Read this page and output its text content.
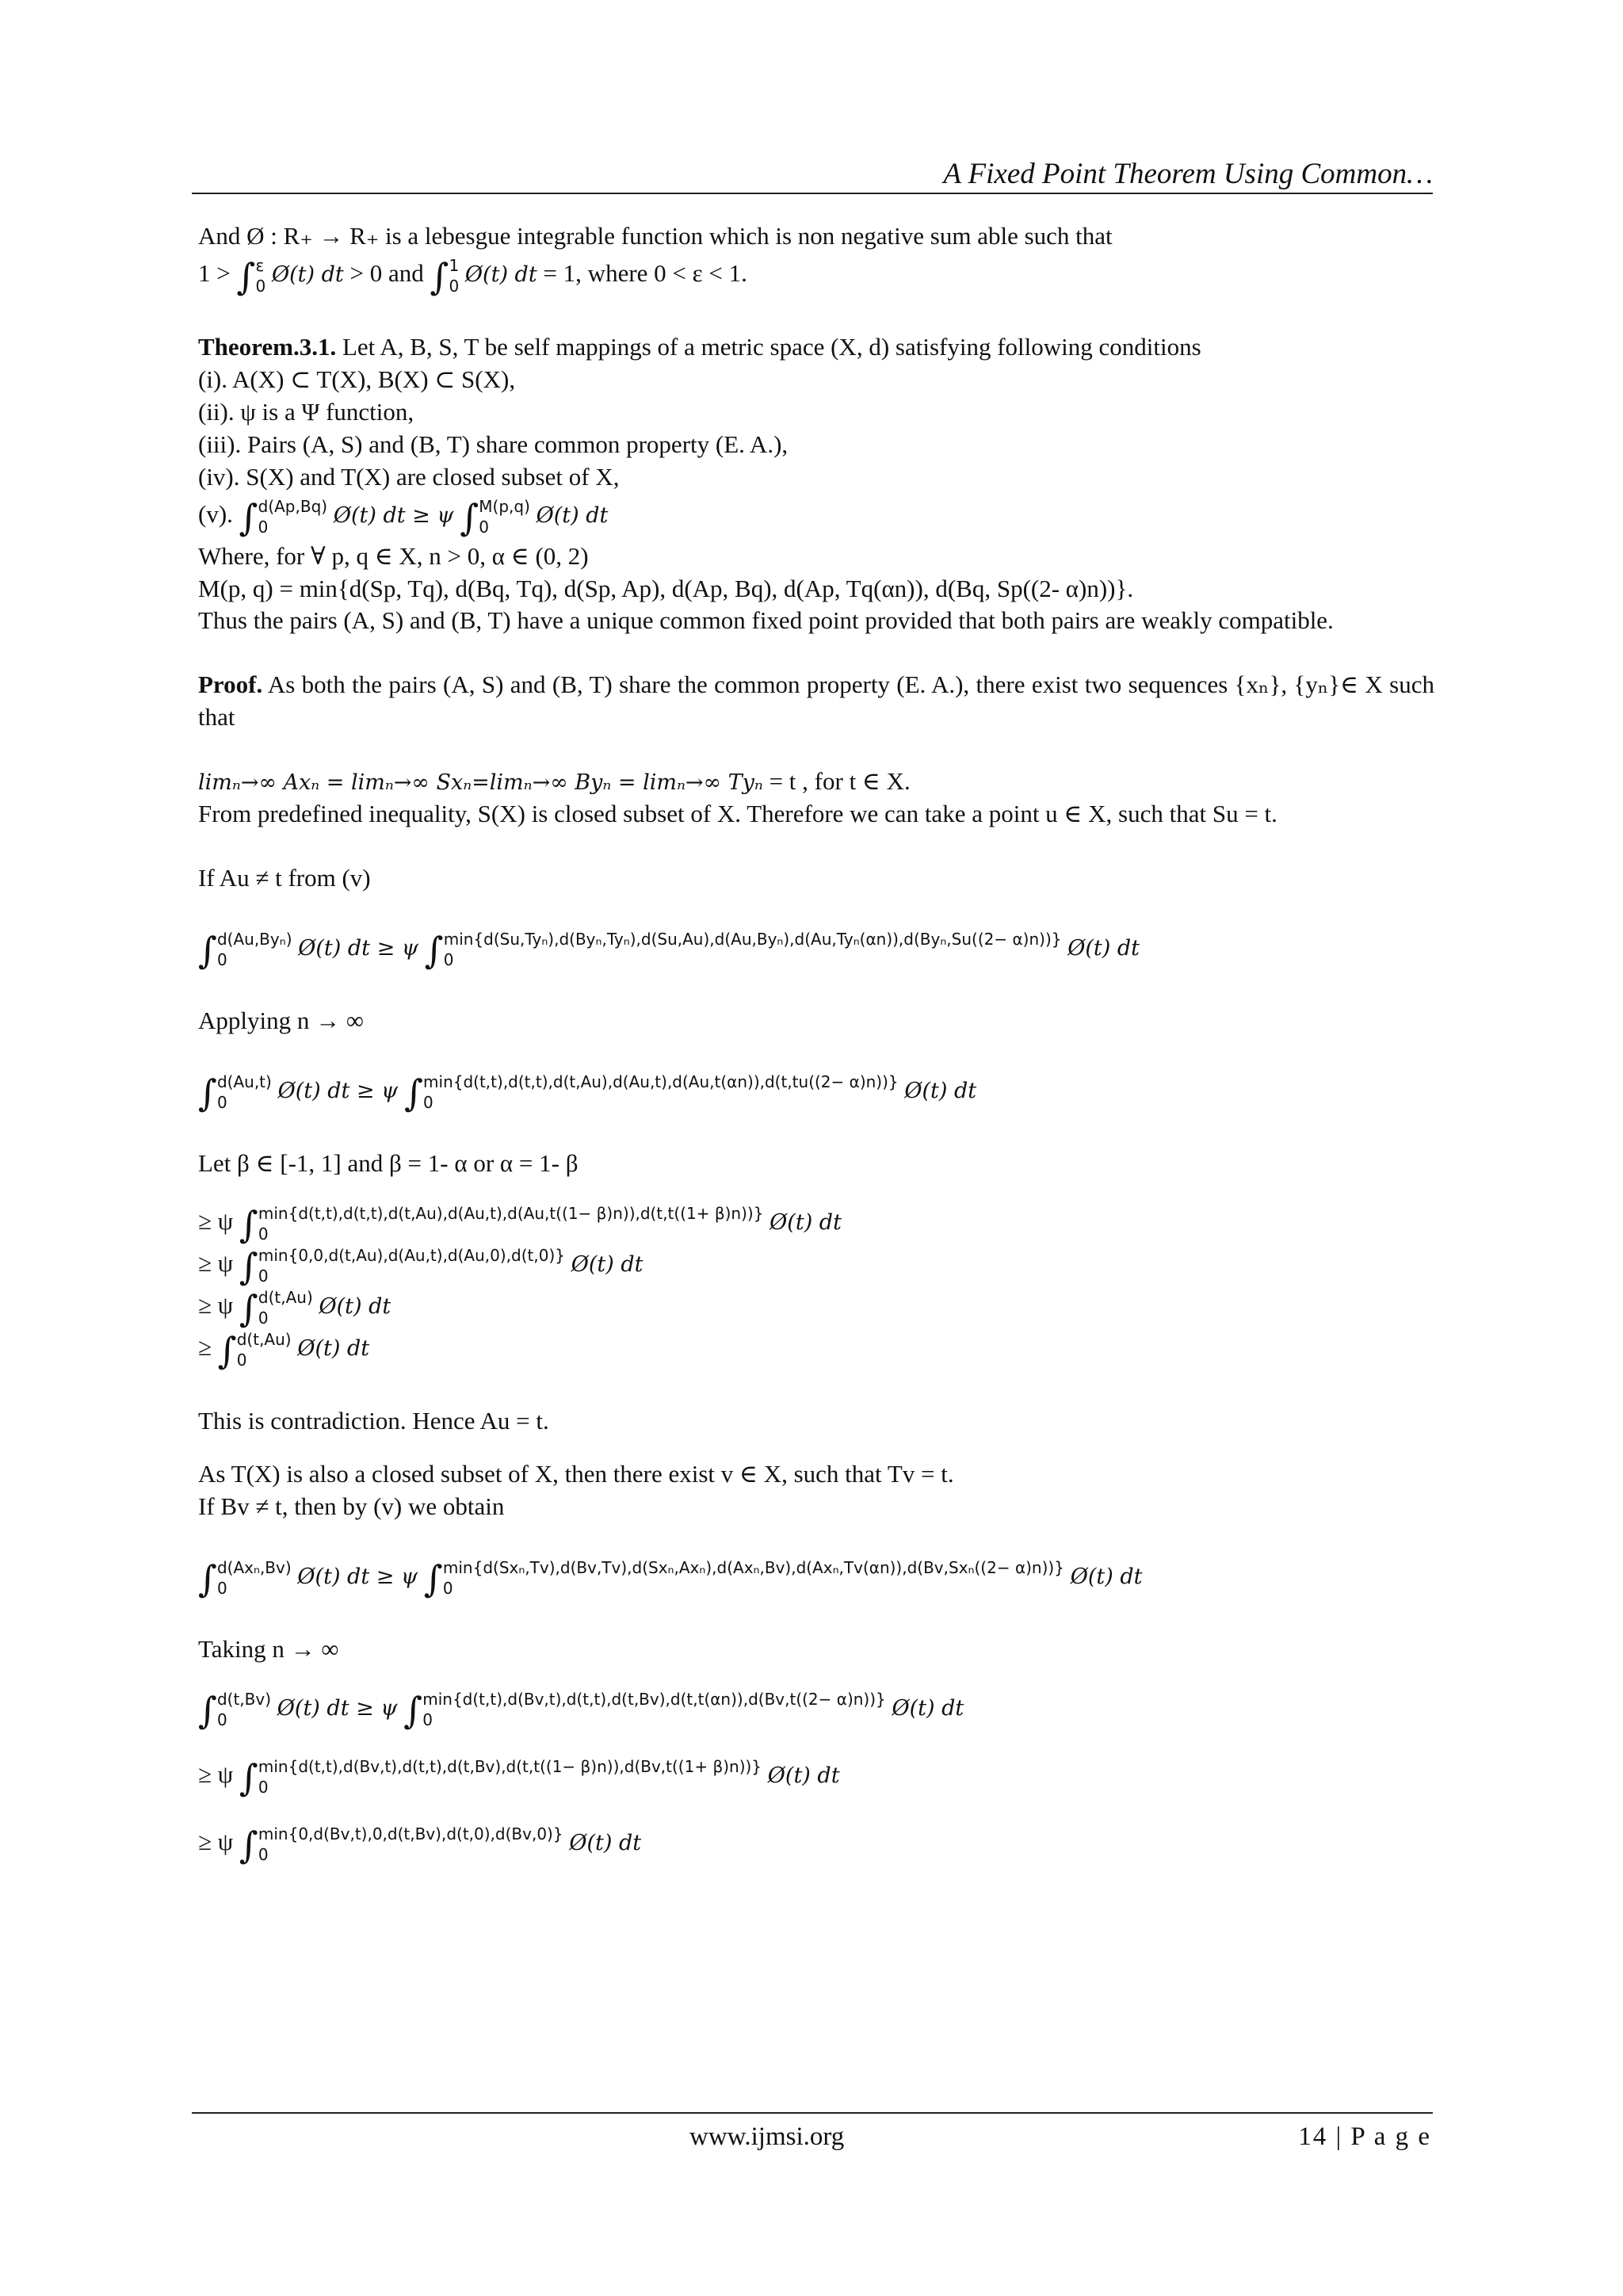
A Fixed Point Theorem Using Common…
And Ø : R₊ → R₊ is a lebesgue integrable function which is non negative sum able such that
1 > ∫ ε
0 Ø(t) dt > 0 and ∫ 1
0 Ø(t) dt = 1, where 0 < ε < 1.
Theorem.3.1. Let A, B, S, T be self mappings of a metric space (X, d) satisfying following conditions
(i). A(X) ⊂ T(X), B(X) ⊂ S(X),
(ii). ψ is a Ψ function,
(iii). Pairs (A, S) and (B, T) share common property (E. A.),
(iv). S(X) and T(X) are closed subset of X,
(v). ∫ d(Ap,Bq)
0	Ø(t) dt ≥ ψ ∫ M(p,q)
0	Ø(t) dt
Where, for ∀ p, q ∈ X, n > 0, α ∈ (0, 2)
M(p, q) = min{d(Sp, Tq), d(Bq, Tq), d(Sp, Ap), d(Ap, Bq), d(Ap, Tq(αn)), d(Bq, Sp((2- α)n))}.
Thus the pairs (A, S) and (B, T) have a unique common fixed point provided that both pairs are weakly compatible.
Proof. As both the pairs (A, S) and (B, T) share the common property (E. A.), there exist two sequences {xₙ}, {yₙ}∈ X such that
limₙ→∞ Axₙ = limₙ→∞ Sxₙ=limₙ→∞ Byₙ = limₙ→∞ Tyₙ = t , for t ∈ X.
From predefined inequality, S(X) is closed subset of X. Therefore we can take a point u ∈ X, such that Su = t.
If Au ≠ t from (v)
∫ d(Au,Byₙ)
0	Ø(t) dt ≥ ψ ∫ min{d(Su,Tyₙ),d(Byₙ,Tyₙ),d(Su,Au),d(Au,Byₙ),d(Au,Tyₙ(αn)),d(Byₙ,Su((2− α)n))}
0	Ø(t) dt
Applying n → ∞
∫ d(Au,t)
0	Ø(t) dt ≥ ψ ∫ min{d(t,t),d(t,t),d(t,Au),d(Au,t),d(Au,t(αn)),d(t,tu((2− α)n))}
0	Ø(t) dt
Let β ∈ [-1, 1] and β = 1- α or α = 1- β
≥ ψ ∫ min{d(t,t),d(t,t),d(t,Au),d(Au,t),d(Au,t((1− β)n)),d(t,t((1+ β)n))}
0	Ø(t) dt
≥ ψ ∫ min{0,0,d(t,Au),d(Au,t),d(Au,0),d(t,0)}
0	Ø(t) dt
≥ ψ ∫ d(t,Au)
0	Ø(t) dt
≥ ∫ d(t,Au)
0	Ø(t) dt
This is contradiction. Hence Au = t.
As T(X) is also a closed subset of X, then there exist v ∈ X, such that Tv = t.
If Bv ≠ t, then by (v) we obtain
∫ d(Axₙ,Bv)
0	Ø(t) dt ≥ ψ ∫ min{d(Sxₙ,Tv),d(Bv,Tv),d(Sxₙ,Axₙ),d(Axₙ,Bv),d(Axₙ,Tv(αn)),d(Bv,Sxₙ((2− α)n))}
0	Ø(t) dt
Taking n → ∞
∫ d(t,Bv)
0	Ø(t) dt ≥ ψ ∫ min{d(t,t),d(Bv,t),d(t,t),d(t,Bv),d(t,t(αn)),d(Bv,t((2− α)n))}
0	Ø(t) dt
≥ ψ ∫ min{d(t,t),d(Bv,t),d(t,t),d(t,Bv),d(t,t((1− β)n)),d(Bv,t((1+ β)n))}
0	Ø(t) dt
≥ ψ ∫ min{0,d(Bv,t),0,d(t,Bv),d(t,0),d(Bv,0)}
0	Ø(t) dt
www.ijmsi.org	14 | P a g e
